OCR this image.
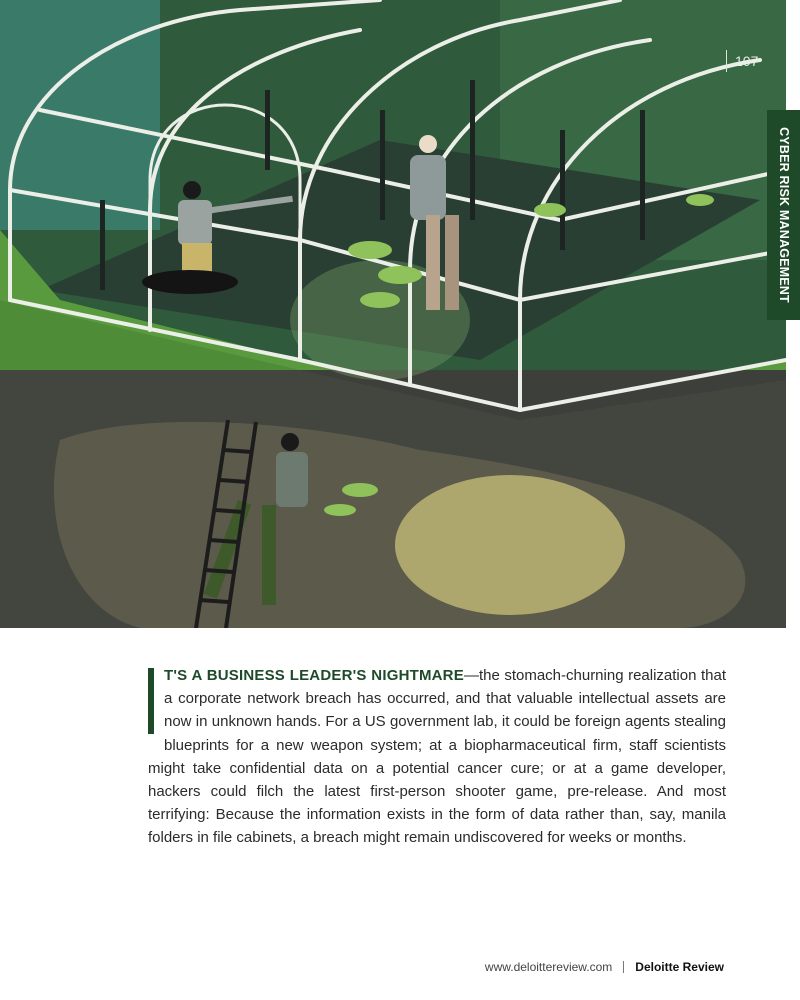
107
CYBER RISK MANAGEMENT

T'S A BUSINESS LEADER'S NIGHTMARE—the stomach-churning realization that a corporate network breach has occurred, and that valuable intellectual assets are now in unknown hands. For a US government lab, it could be foreign agents stealing blueprints for a new weapon system; at a biopharmaceutical firm, staff scientists might take confidential data on a potential cancer cure; or at a game developer, hackers could filch the latest first-person shooter game, pre-release. And most terrifying: Because the information exists in the form of data rather than, say, manila folders in file cabinets, a breach might remain undiscovered for weeks or months.

www.deloittereview.com Deloitte Review
